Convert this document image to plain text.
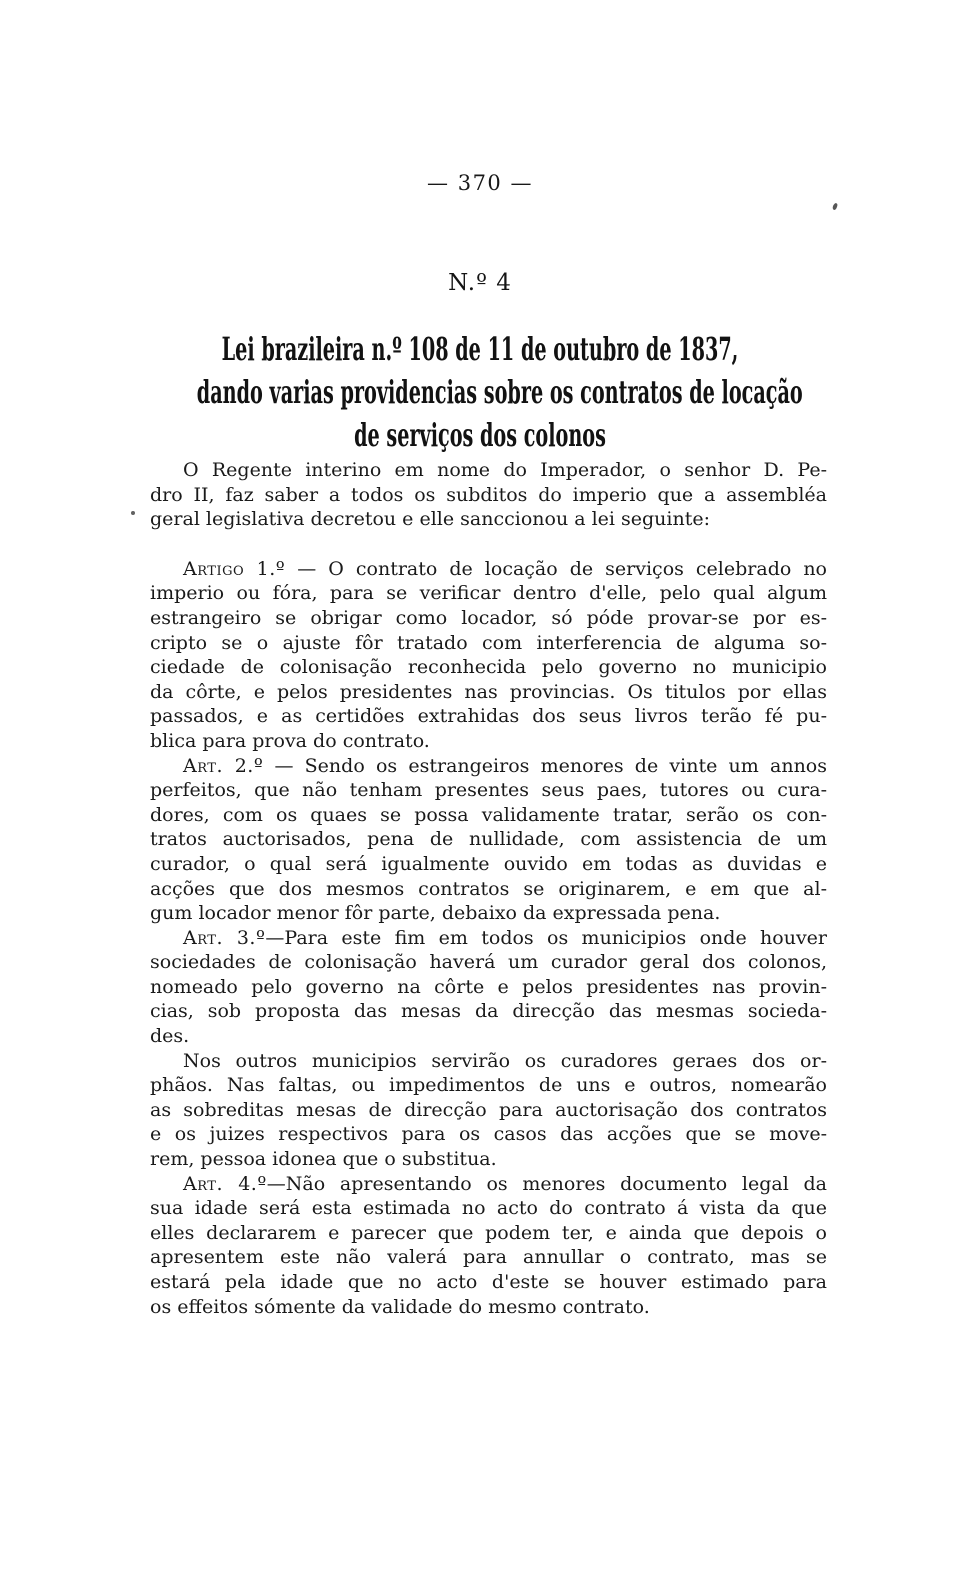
— 370 —
N.º 4
Lei brazileira n.º 108 de 11 de outubro de 1837,
dando varias providencias sobre os contratos de locação
de serviços dos colonos
O Regente interino em nome do Imperador, o senhor D. Pe-
dro II, faz saber a todos os subditos do imperio que a assembléa
geral legislativa decretou e elle sanccionou a lei seguinte:
Artigo 1.º — O contrato de locação de serviços celebrado no
imperio ou fóra, para se verificar dentro d'elle, pelo qual algum
estrangeiro se obrigar como locador, só póde provar-se por es-
cripto se o ajuste fôr tratado com interferencia de alguma so-
ciedade de colonisação reconhecida pelo governo no municipio
da côrte, e pelos presidentes nas provincias. Os titulos por ellas
passados, e as certidões extrahidas dos seus livros terão fé pu-
blica para prova do contrato.
Art. 2.º — Sendo os estrangeiros menores de vinte um annos
perfeitos, que não tenham presentes seus paes, tutores ou cura-
dores, com os quaes se possa validamente tratar, serão os con-
tratos auctorisados, pena de nullidade, com assistencia de um
curador, o qual será igualmente ouvido em todas as duvidas e
acções que dos mesmos contratos se originarem, e em que al-
gum locador menor fôr parte, debaixo da expressada pena.
Art. 3.º—Para este fim em todos os municipios onde houver
sociedades de colonisação haverá um curador geral dos colonos,
nomeado pelo governo na côrte e pelos presidentes nas provin-
cias, sob proposta das mesas da direcção das mesmas socieda-
des.
Nos outros municipios servirão os curadores geraes dos or-
phãos. Nas faltas, ou impedimentos de uns e outros, nomearão
as sobreditas mesas de direcção para auctorisação dos contratos
e os juizes respectivos para os casos das acções que se move-
rem, pessoa idonea que o substitua.
Art. 4.º—Não apresentando os menores documento legal da
sua idade será esta estimada no acto do contrato á vista da que
elles declararem e parecer que podem ter, e ainda que depois o
apresentem este não valerá para annullar o contrato, mas se
estará pela idade que no acto d'este se houver estimado para
os effeitos sómente da validade do mesmo contrato.
